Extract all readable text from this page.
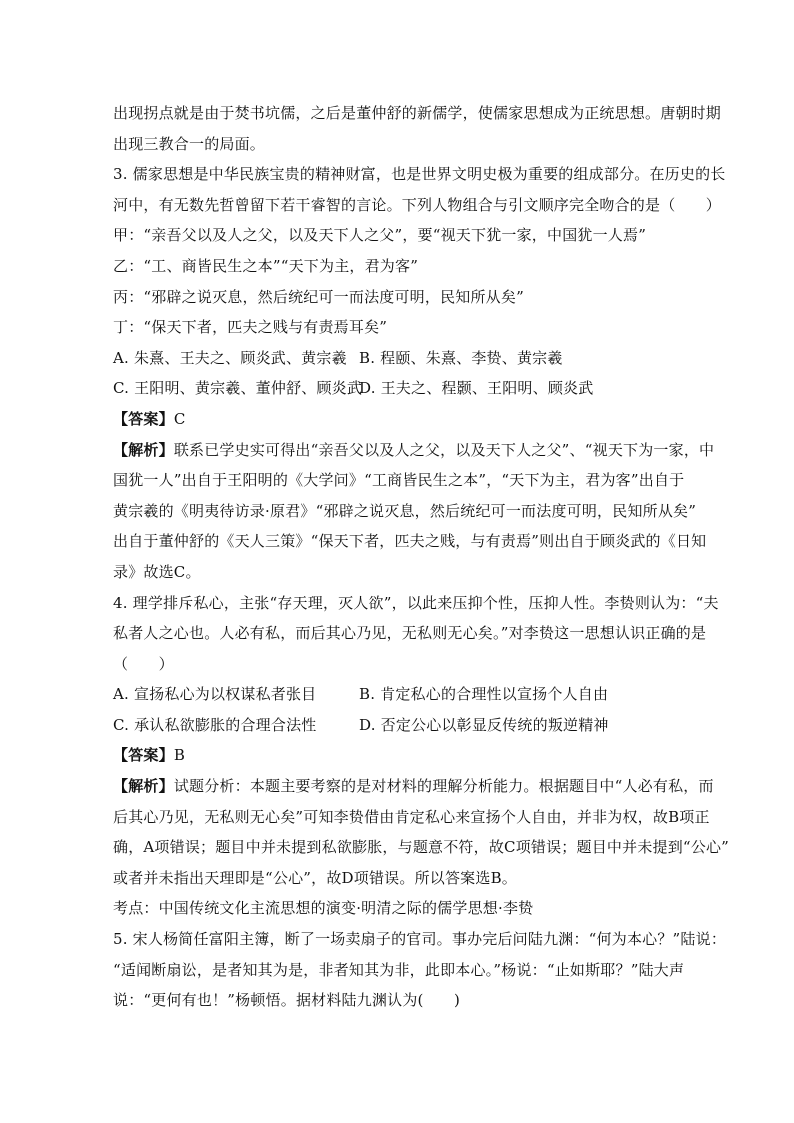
出现拐点就是由于焚书坑儒，之后是董仲舒的新儒学，使儒家思想成为正统思想。唐朝时期
出现三教合一的局面。
3. 儒家思想是中华民族宝贵的精神财富，也是世界文明史极为重要的组成部分。在历史的长
河中，有无数先哲曾留下若干睿智的言论。下列人物组合与引文顺序完全吻合的是（　　）
甲：“亲吾父以及人之父，以及天下人之父”，要“视天下犹一家，中国犹一人焉”
乙：“工、商皆民生之本”“天下为主，君为客”
丙：“邪辟之说灭息，然后统纪可一而法度可明，民知所从矣”
丁：“保天下者，匹夫之贱与有责焉耳矣”
A. 朱熹、王夫之、顾炎武、黄宗羲 B. 程颐、朱熹、李贽、黄宗羲
C. 王阳明、黄宗羲、董仲舒、顾炎武
D. 王夫之、程颢、王阳明、顾炎武
【答案】C
【解析】联系已学史实可得出“亲吾父以及人之父，以及天下人之父”、“视天下为一家，中
国犹一人”出自于王阳明的《大学问》“工商皆民生之本”，“天下为主，君为客”出自于
黄宗羲的《明夷待访录·原君》“邪辟之说灭息，然后统纪可一而法度可明，民知所从矣”
出自于董仲舒的《天人三策》“保天下者，匹夫之贱，与有责焉”则出自于顾炎武的《日知
录》故选C。
4. 理学排斥私心，主张“存天理，灭人欲”，以此来压抑个性，压抑人性。李贽则认为：“夫
私者人之心也。人必有私，而后其心乃见，无私则无心矣。”对李贽这一思想认识正确的是
（　　）
A. 宣扬私心为以权谋私者张目	B. 肯定私心的合理性以宣扬个人自由
C. 承认私欲膨胀的合理合法性	D. 否定公心以彰显反传统的叛逆精神
【答案】B
【解析】试题分析：本题主要考察的是对材料的理解分析能力。根据题目中“人必有私，而
后其心乃见，无私则无心矣”可知李贽借由肯定私心来宣扬个人自由，并非为权，故B项正
确，A项错误；题目中并未提到私欲膨胀，与题意不符，故C项错误；题目中并未提到“公心”
或者并未指出天理即是“公心”，故D项错误。所以答案选B。
考点：中国传统文化主流思想的演变·明清之际的儒学思想·李贽
5. 宋人杨简任富阳主簿，断了一场卖扇子的官司。事办完后问陆九渊：“何为本心？”陆说：
“适闻断扇讼，是者知其为是，非者知其为非，此即本心。”杨说：“止如斯耶？”陆大声
说：“更何有也！”杨顿悟。据材料陆九渊认为(　　)
